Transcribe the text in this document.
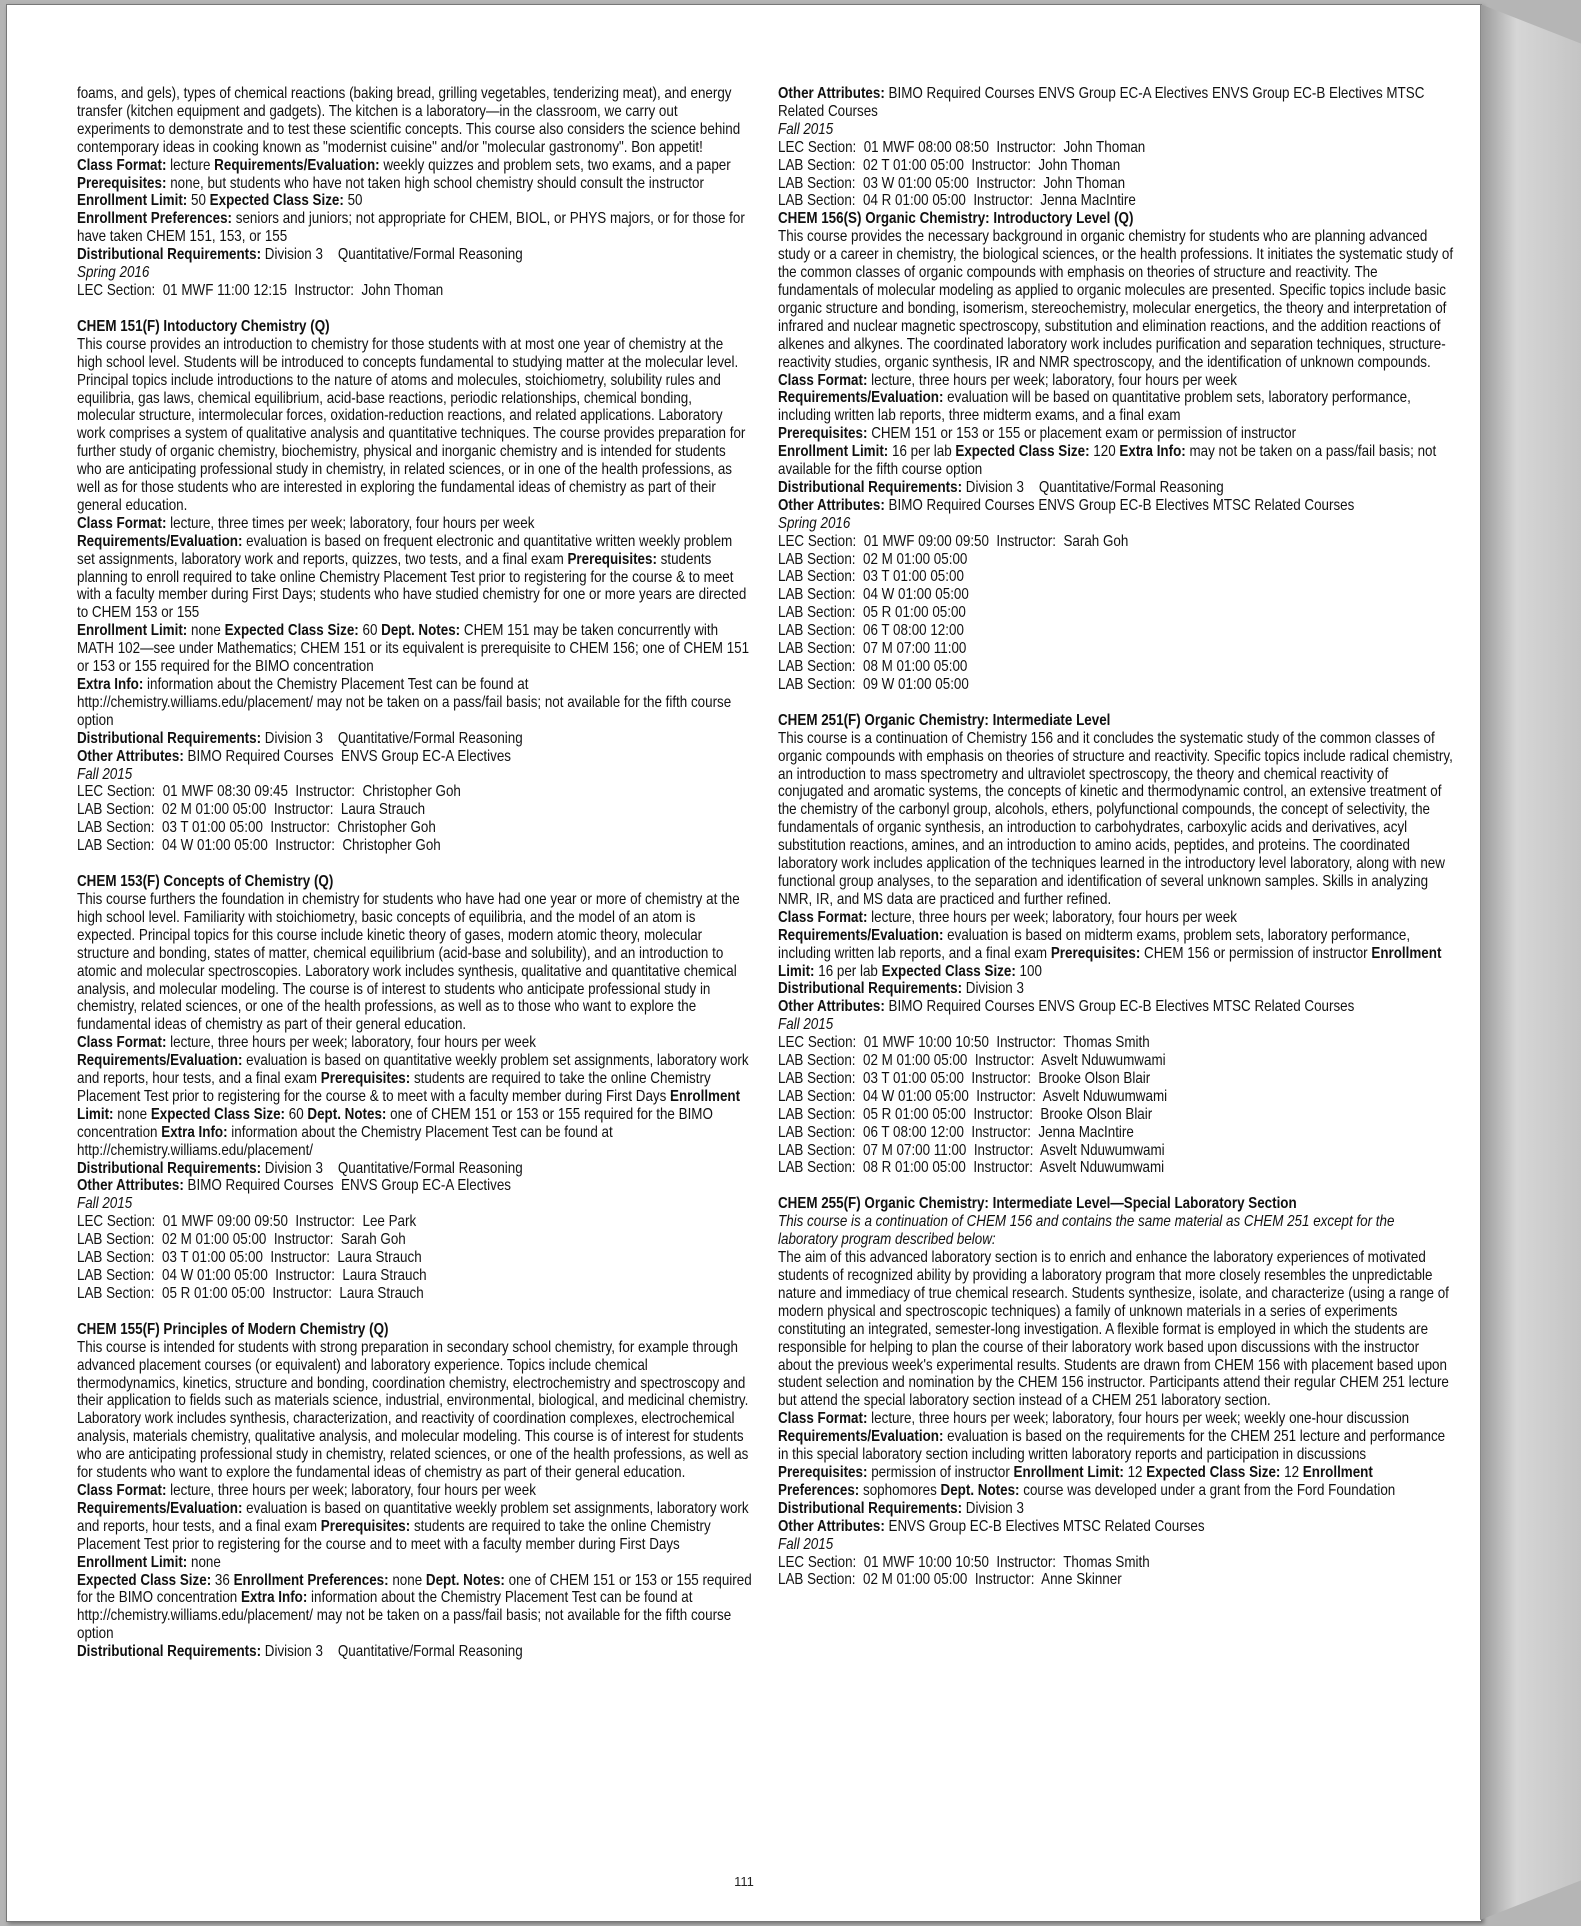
foams, and gels), types of chemical reactions (baking bread, grilling vegetables, tenderizing meat), and energy transfer (kitchen equipment and gadgets). The kitchen is a laboratory—in the classroom, we carry out experiments to demonstrate and to test these scientific concepts. This course also considers the science behind contemporary ideas in cooking known as "modernist cuisine" and/or "molecular gastronomy". Bon appetit!

Class Format: lecture Requirements/Evaluation: weekly quizzes and problem sets, two exams, and a paper Prerequisites: none, but students who have not taken high school chemistry should consult the instructor Enrollment Limit: 50 Expected Class Size: 50
Enrollment Preferences: seniors and juniors; not appropriate for CHEM, BIOL, or PHYS majors, or for those for have taken CHEM 151, 153, or 155
Distributional Requirements: Division 3    Quantitative/Formal Reasoning

Spring 2016

LEC Section:  01 MWF 11:00 12:15  Instructor:  John Thoman

CHEM 151(F) Intoductory Chemistry (Q)

This course provides an introduction to chemistry for those students with at most one year of chemistry at the high school level. Students will be introduced to concepts fundamental to studying matter at the molecular level. Principal topics include introductions to the nature of atoms and molecules, stoichiometry, solubility rules and equilibria, gas laws, chemical equilibrium, acid-base reactions, periodic relationships, chemical bonding, molecular structure, intermolecular forces, oxidation-reduction reactions, and related applications. Laboratory work comprises a system of qualitative analysis and quantitative techniques. The course provides preparation for further study of organic chemistry, biochemistry, physical and inorganic chemistry and is intended for students who are anticipating professional study in chemistry, in related sciences, or in one of the health professions, as well as for those students who are interested in exploring the fundamental ideas of chemistry as part of their general education.

Class Format: lecture, three times per week; laboratory, four hours per week
Requirements/Evaluation: evaluation is based on frequent electronic and quantitative written weekly problem set assignments, laboratory work and reports, quizzes, two tests, and a final exam Prerequisites: students planning to enroll required to take online Chemistry Placement Test prior to registering for the course & to meet with a faculty member during First Days; students who have studied chemistry for one or more years are directed to CHEM 153 or 155
Enrollment Limit: none Expected Class Size: 60 Dept. Notes: CHEM 151 may be taken concurrently with MATH 102—see under Mathematics; CHEM 151 or its equivalent is prerequisite to CHEM 156; one of CHEM 151 or 153 or 155 required for the BIMO concentration
Extra Info: information about the Chemistry Placement Test can be found at http://chemistry.williams.edu/placement/ may not be taken on a pass/fail basis; not available for the fifth course option
Distributional Requirements: Division 3    Quantitative/Formal Reasoning
Other Attributes: BIMO Required Courses  ENVS Group EC-A Electives

Fall 2015

LEC Section:  01 MWF 08:30 09:45  Instructor:  Christopher Goh

LAB Section:  02 M 01:00 05:00  Instructor:  Laura Strauch

LAB Section:  03 T 01:00 05:00  Instructor:  Christopher Goh

LAB Section:  04 W 01:00 05:00  Instructor:  Christopher Goh

CHEM 153(F) Concepts of Chemistry (Q)

This course furthers the foundation in chemistry for students who have had one year or more of chemistry at the high school level. Familiarity with stoichiometry, basic concepts of equilibria, and the model of an atom is expected. Principal topics for this course include kinetic theory of gases, modern atomic theory, molecular structure and bonding, states of matter, chemical equilibrium (acid-base and solubility), and an introduction to atomic and molecular spectroscopies. Laboratory work includes synthesis, qualitative and quantitative chemical analysis, and molecular modeling. The course is of interest to students who anticipate professional study in chemistry, related sciences, or one of the health professions, as well as to those who want to explore the fundamental ideas of chemistry as part of their general education.

Class Format: lecture, three hours per week; laboratory, four hours per week
Requirements/Evaluation: evaluation is based on quantitative weekly problem set assignments, laboratory work and reports, hour tests, and a final exam Prerequisites: students are required to take the online Chemistry Placement Test prior to registering for the course & to meet with a faculty member during First Days Enrollment Limit: none Expected Class Size: 60 Dept. Notes: one of CHEM 151 or 153 or 155 required for the BIMO concentration Extra Info: information about the Chemistry Placement Test can be found at http://chemistry.williams.edu/placement/
Distributional Requirements: Division 3    Quantitative/Formal Reasoning
Other Attributes: BIMO Required Courses  ENVS Group EC-A Electives

Fall 2015

LEC Section:  01 MWF 09:00 09:50  Instructor:  Lee Park

LAB Section:  02 M 01:00 05:00  Instructor:  Sarah Goh

LAB Section:  03 T 01:00 05:00  Instructor:  Laura Strauch

LAB Section:  04 W 01:00 05:00  Instructor:  Laura Strauch

LAB Section:  05 R 01:00 05:00  Instructor:  Laura Strauch

CHEM 155(F) Principles of Modern Chemistry (Q)

This course is intended for students with strong preparation in secondary school chemistry, for example through advanced placement courses (or equivalent) and laboratory experience. Topics include chemical thermodynamics, kinetics, structure and bonding, coordination chemistry, electrochemistry and spectroscopy and their application to fields such as materials science, industrial, environmental, biological, and medicinal chemistry. Laboratory work includes synthesis, characterization, and reactivity of coordination complexes, electrochemical analysis, materials chemistry, qualitative analysis, and molecular modeling. This course is of interest for students who are anticipating professional study in chemistry, related sciences, or one of the health professions, as well as for students who want to explore the fundamental ideas of chemistry as part of their general education.

Class Format: lecture, three hours per week; laboratory, four hours per week
Requirements/Evaluation: evaluation is based on quantitative weekly problem set assignments, laboratory work and reports, hour tests, and a final exam Prerequisites: students are required to take the online Chemistry Placement Test prior to registering for the course and to meet with a faculty member during First Days Enrollment Limit: none
Expected Class Size: 36 Enrollment Preferences: none Dept. Notes: one of CHEM 151 or 153 or 155 required for the BIMO concentration Extra Info: information about the Chemistry Placement Test can be found at http://chemistry.williams.edu/placement/ may not be taken on a pass/fail basis; not available for the fifth course option
Distributional Requirements: Division 3    Quantitative/Formal Reasoning

Other Attributes: BIMO Required Courses ENVS Group EC-A Electives ENVS Group EC-B Electives MTSC Related Courses

Fall 2015

LEC Section:  01 MWF 08:00 08:50  Instructor:  John Thoman

LAB Section:  02 T 01:00 05:00  Instructor:  John Thoman

LAB Section:  03 W 01:00 05:00  Instructor:  John Thoman

LAB Section:  04 R 01:00 05:00  Instructor:  Jenna MacIntire

CHEM 156(S) Organic Chemistry: Introductory Level (Q)

This course provides the necessary background in organic chemistry for students who are planning advanced study or a career in chemistry, the biological sciences, or the health professions. It initiates the systematic study of the common classes of organic compounds with emphasis on theories of structure and reactivity. The fundamentals of molecular modeling as applied to organic molecules are presented. Specific topics include basic organic structure and bonding, isomerism, stereochemistry, molecular energetics, the theory and interpretation of infrared and nuclear magnetic spectroscopy, substitution and elimination reactions, and the addition reactions of alkenes and alkynes. The coordinated laboratory work includes purification and separation techniques, structure-reactivity studies, organic synthesis, IR and NMR spectroscopy, and the identification of unknown compounds.

Class Format: lecture, three hours per week; laboratory, four hours per week
Requirements/Evaluation: evaluation will be based on quantitative problem sets, laboratory performance, including written lab reports, three midterm exams, and a final exam
Prerequisites: CHEM 151 or 153 or 155 or placement exam or permission of instructor
Enrollment Limit: 16 per lab Expected Class Size: 120 Extra Info: may not be taken on a pass/fail basis; not available for the fifth course option
Distributional Requirements: Division 3    Quantitative/Formal Reasoning
Other Attributes: BIMO Required Courses ENVS Group EC-B Electives MTSC Related Courses

Spring 2016

LEC Section:  01 MWF 09:00 09:50  Instructor:  Sarah Goh

LAB Section:  02 M 01:00 05:00

LAB Section:  03 T 01:00 05:00

LAB Section:  04 W 01:00 05:00

LAB Section:  05 R 01:00 05:00

LAB Section:  06 T 08:00 12:00

LAB Section:  07 M 07:00 11:00

LAB Section:  08 M 01:00 05:00

LAB Section:  09 W 01:00 05:00

CHEM 251(F) Organic Chemistry: Intermediate Level

This course is a continuation of Chemistry 156 and it concludes the systematic study of the common classes of organic compounds with emphasis on theories of structure and reactivity. Specific topics include radical chemistry, an introduction to mass spectrometry and ultraviolet spectroscopy, the theory and chemical reactivity of conjugated and aromatic systems, the concepts of kinetic and thermodynamic control, an extensive treatment of the chemistry of the carbonyl group, alcohols, ethers, polyfunctional compounds, the concept of selectivity, the fundamentals of organic synthesis, an introduction to carbohydrates, carboxylic acids and derivatives, acyl substitution reactions, amines, and an introduction to amino acids, peptides, and proteins. The coordinated laboratory work includes application of the techniques learned in the introductory level laboratory, along with new functional group analyses, to the separation and identification of several unknown samples. Skills in analyzing NMR, IR, and MS data are practiced and further refined.

Class Format: lecture, three hours per week; laboratory, four hours per week
Requirements/Evaluation: evaluation is based on midterm exams, problem sets, laboratory performance, including written lab reports, and a final exam Prerequisites: CHEM 156 or permission of instructor Enrollment Limit: 16 per lab Expected Class Size: 100
Distributional Requirements: Division 3
Other Attributes: BIMO Required Courses ENVS Group EC-B Electives MTSC Related Courses

Fall 2015

LEC Section:  01 MWF 10:00 10:50  Instructor:  Thomas Smith

LAB Section:  02 M 01:00 05:00  Instructor:  Asvelt Nduwumwami

LAB Section:  03 T 01:00 05:00  Instructor:  Brooke Olson Blair

LAB Section:  04 W 01:00 05:00  Instructor:  Asvelt Nduwumwami

LAB Section:  05 R 01:00 05:00  Instructor:  Brooke Olson Blair

LAB Section:  06 T 08:00 12:00  Instructor:  Jenna MacIntire

LAB Section:  07 M 07:00 11:00  Instructor:  Asvelt Nduwumwami

LAB Section:  08 R 01:00 05:00  Instructor:  Asvelt Nduwumwami

CHEM 255(F) Organic Chemistry: Intermediate Level—Special Laboratory Section

This course is a continuation of CHEM 156 and contains the same material as CHEM 251 except for the laboratory program described below:

The aim of this advanced laboratory section is to enrich and enhance the laboratory experiences of motivated students of recognized ability by providing a laboratory program that more closely resembles the unpredictable nature and immediacy of true chemical research. Students synthesize, isolate, and characterize (using a range of modern physical and spectroscopic techniques) a family of unknown materials in a series of experiments constituting an integrated, semester-long investigation. A flexible format is employed in which the students are responsible for helping to plan the course of their laboratory work based upon discussions with the instructor about the previous week's experimental results. Students are drawn from CHEM 156 with placement based upon student selection and nomination by the CHEM 156 instructor. Participants attend their regular CHEM 251 lecture but attend the special laboratory section instead of a CHEM 251 laboratory section.

Class Format: lecture, three hours per week; laboratory, four hours per week; weekly one-hour discussion Requirements/Evaluation: evaluation is based on the requirements for the CHEM 251 lecture and performance in this special laboratory section including written laboratory reports and participation in discussions Prerequisites: permission of instructor Enrollment Limit: 12 Expected Class Size: 12 Enrollment Preferences: sophomores Dept. Notes: course was developed under a grant from the Ford Foundation
Distributional Requirements: Division 3
Other Attributes: ENVS Group EC-B Electives MTSC Related Courses

Fall 2015

LEC Section:  01 MWF 10:00 10:50  Instructor:  Thomas Smith

LAB Section:  02 M 01:00 05:00  Instructor:  Anne Skinner

111
